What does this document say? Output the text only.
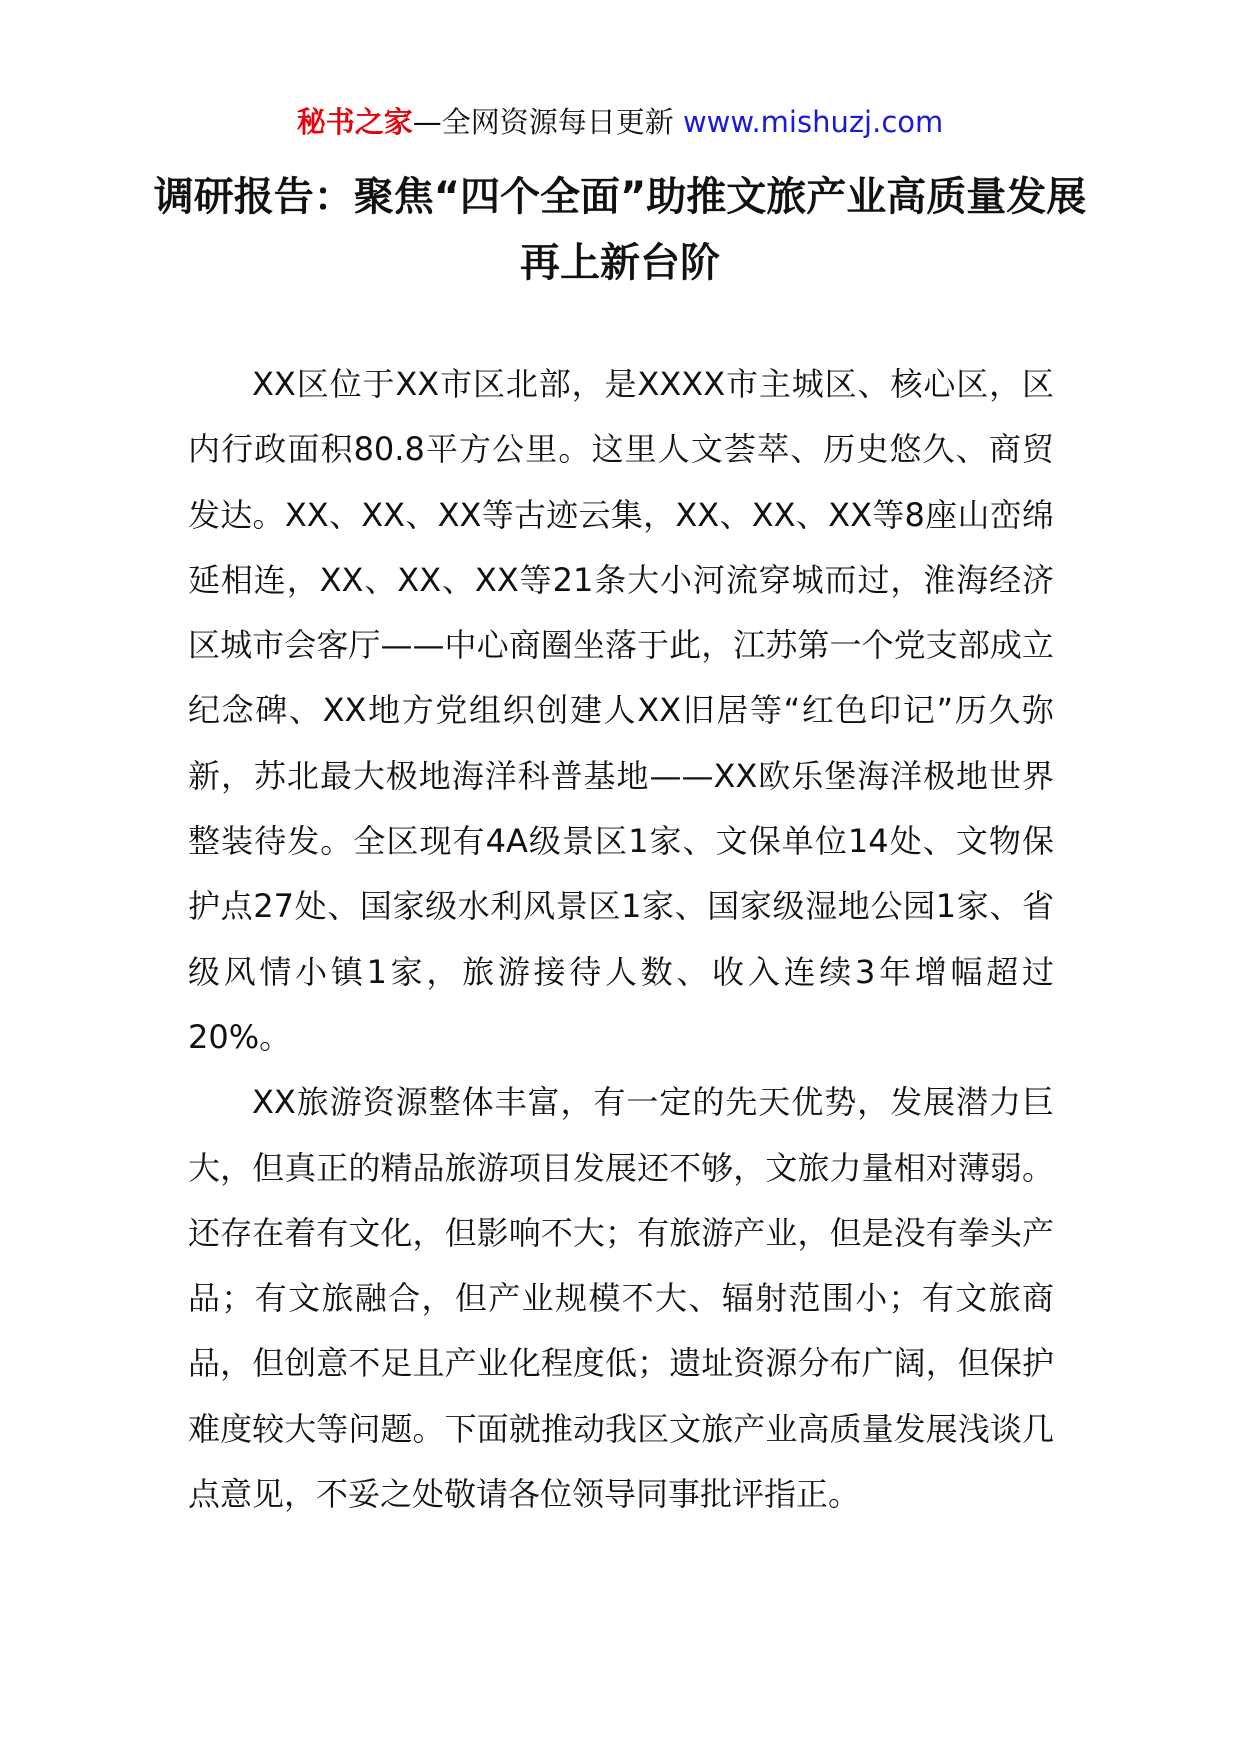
秘书之家—全网资源每日更新 www.mishuzj.com
调研报告：聚焦“四个全面”助推文旅产业高质量发展再上新台阶

XX区位于XX市区北部，是XXXX市主城区、核心区，区内行政面积80.8平方公里。这里人文荟萃、历史悠久、商贸发达。XX、XX、XX等古迹云集，XX、XX、XX等8座山峦绵延相连，XX、XX、XX等21条大小河流穿城而过，淮海经济区城市会客厅——中心商圈坐落于此，江苏第一个党支部成立纪念碑、XX地方党组织创建人XX旧居等“红色印记”历久弥新，苏北最大极地海洋科普基地——XX欧乐堡海洋极地世界整装待发。全区现有4A级景区1家、文保单位14处、文物保护点27处、国家级水利风景区1家、国家级湿地公园1家、省级风情小镇1家，旅游接待人数、收入连续3年增幅超过20%。

XX旅游资源整体丰富，有一定的先天优势，发展潜力巨大，但真正的精品旅游项目发展还不够，文旅力量相对薄弱。还存在着有文化，但影响不大；有旅游产业，但是没有拳头产品；有文旅融合，但产业规模不大、辐射范围小；有文旅商品，但创意不足且产业化程度低；遗址资源分布广阔，但保护难度较大等问题。下面就推动我区文旅产业高质量发展浅谈几点意见，不妥之处敬请各位领导同事批评指正。
